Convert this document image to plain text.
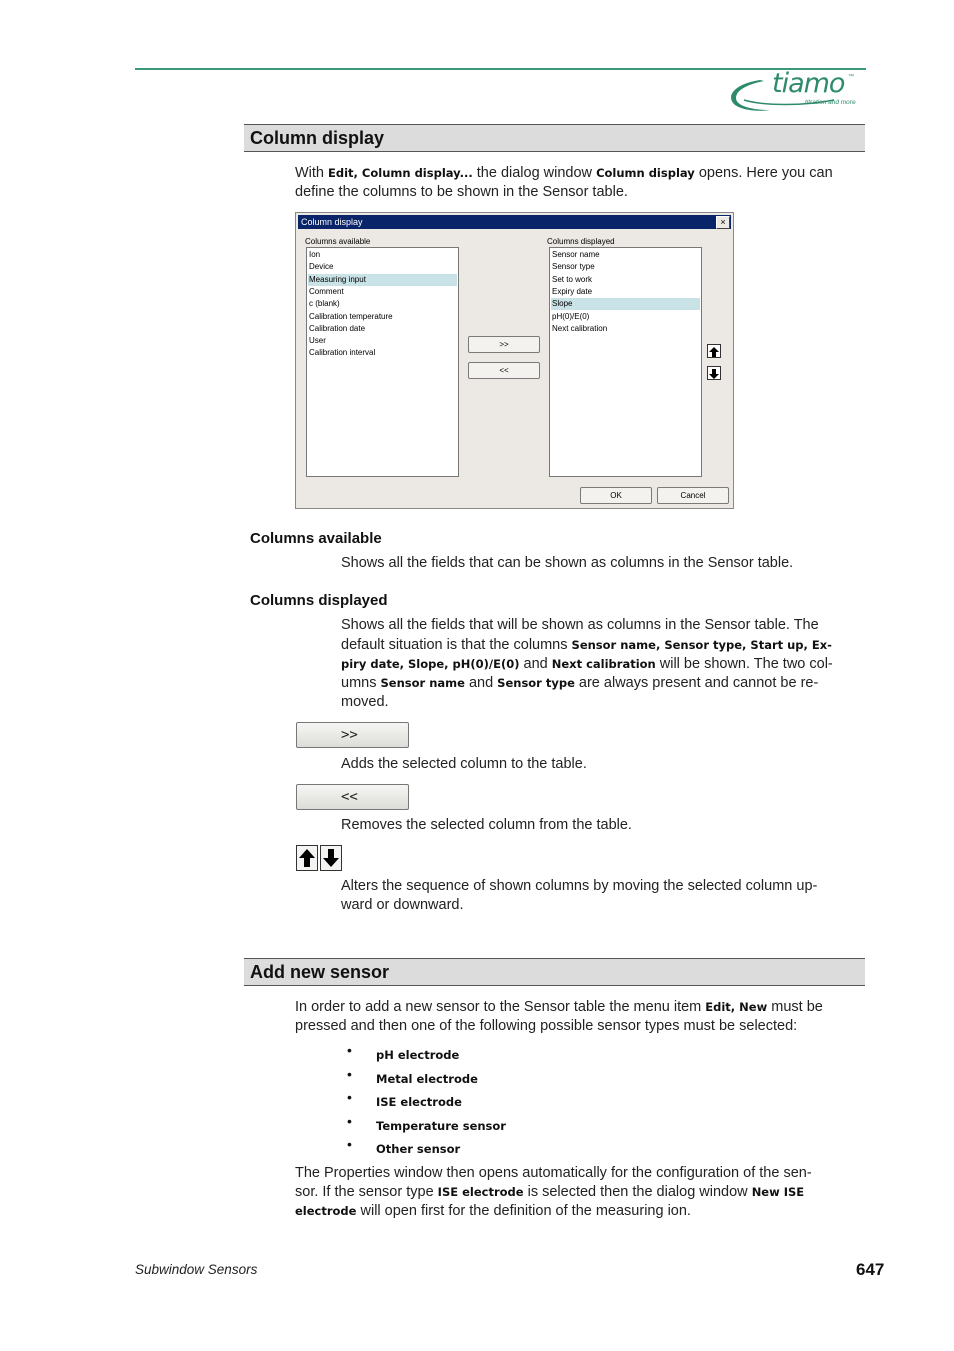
tiamo ™
titration and more
Column display
With Edit, Column display... the dialog window Column display opens. Here you can
define the columns to be shown in the Sensor table.
Column display	×
Columns available
Ion
Device
Measuring input
Comment
c (blank)
Calibration temperature
Calibration date
User
Calibration interval
Columns displayed
Sensor name
Sensor type
Set to work
Expiry date
Slope
pH(0)/E(0)
Next calibration
>>
<<
OK	Cancel
Columns available
Shows all the fields that can be shown as columns in the Sensor table.
Columns displayed
Shows all the fields that will be shown as columns in the Sensor table. The
default situation is that the columns Sensor name, Sensor type, Start up, Ex-
piry date, Slope, pH(0)/E(0) and Next calibration will be shown. The two col-
umns Sensor name and Sensor type are always present and cannot be re-
moved.
>>
Adds the selected column to the table.
<<
Removes the selected column from the table.
Alters the sequence of shown columns by moving the selected column up-
ward or downward.
Add new sensor
In order to add a new sensor to the Sensor table the menu item Edit, New must be
pressed and then one of the following possible sensor types must be selected:
• pH electrode
• Metal electrode
• ISE electrode
• Temperature sensor
• Other sensor
The Properties window then opens automatically for the configuration of the sen-
sor. If the sensor type ISE electrode is selected then the dialog window New ISE
electrode will open first for the definition of the measuring ion.
Subwindow Sensors	647
